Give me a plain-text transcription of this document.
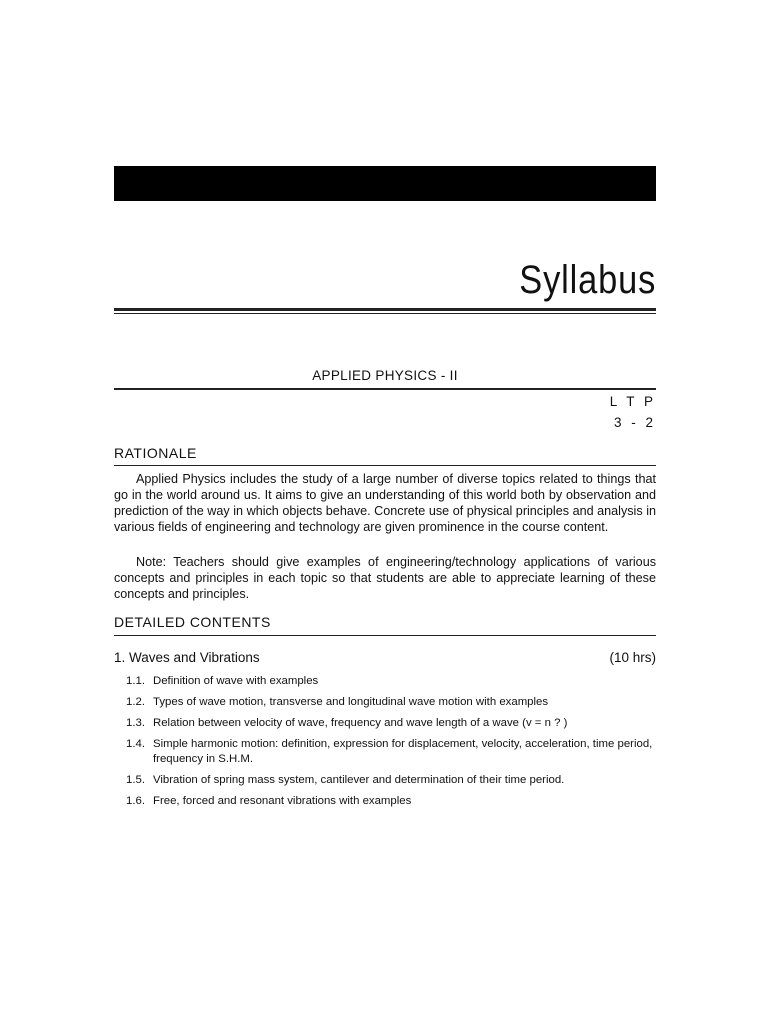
Syllabus
APPLIED PHYSICS - II
L T P
3 - 2
RATIONALE
Applied Physics includes the study of a large number of diverse topics related to things that go in the world around us. It aims to give an understanding of this world both by observation and prediction of the way in which objects behave. Concrete use of physical principles and analysis in various fields of engineering and technology are given prominence in the course content.
Note: Teachers should give examples of engineering/technology applications of various concepts and principles in each topic so that students are able to appreciate learning of these concepts and principles.
DETAILED CONTENTS
1. Waves and Vibrations	(10 hrs)
1.1. Definition of wave with examples
1.2. Types of wave motion, transverse and longitudinal wave motion with examples
1.3. Relation between velocity of wave, frequency and wave length of a wave (v = n ? )
1.4. Simple harmonic motion: definition, expression for displacement, velocity, acceleration, time period, frequency in S.H.M.
1.5. Vibration of spring mass system, cantilever and determination of their time period.
1.6. Free, forced and resonant vibrations with examples
